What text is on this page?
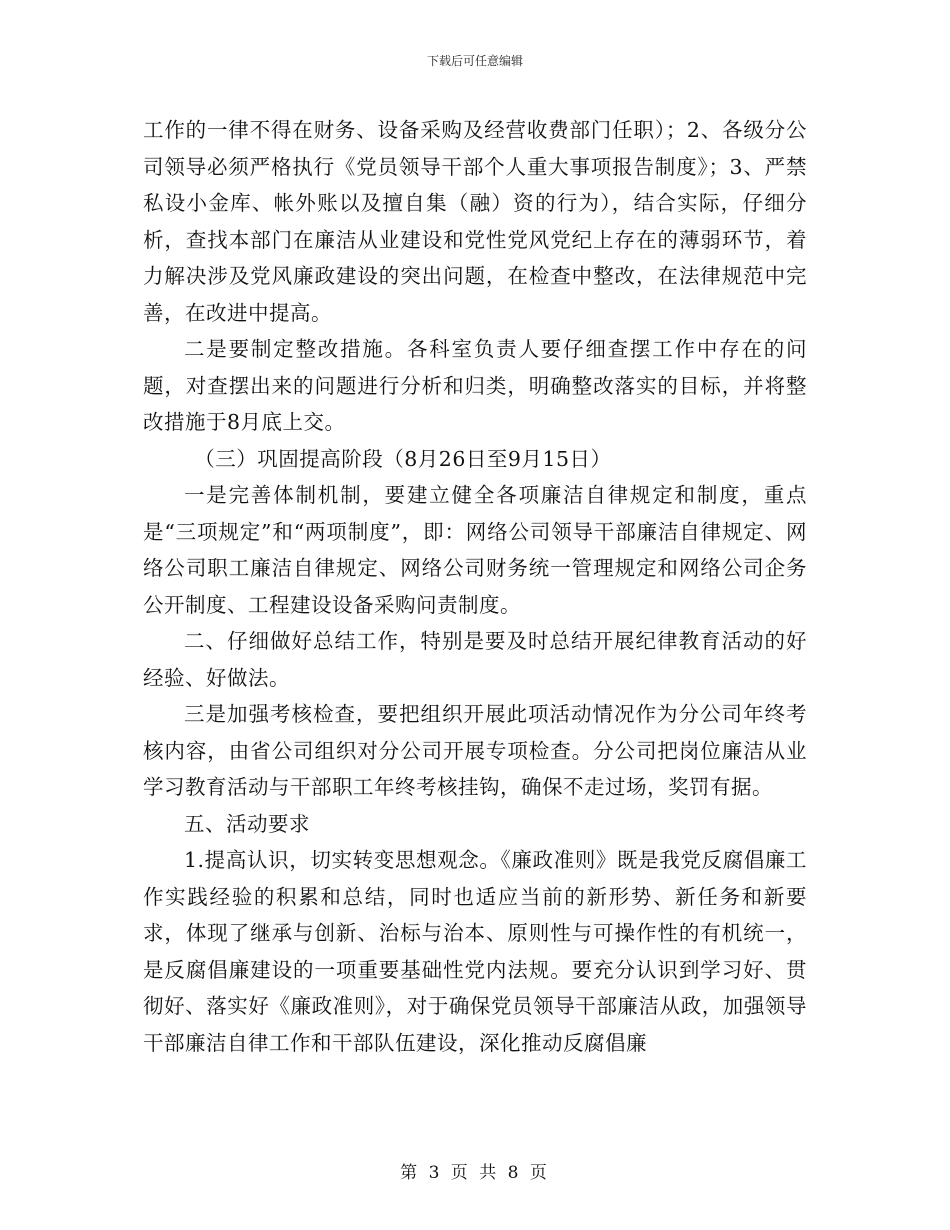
下载后可任意编辑

工作的一律不得在财务、设备采购及经营收费部门任职）；2、各级分公司领导必须严格执行《党员领导干部个人重大事项报告制度》；3、严禁私设小金库、帐外账以及擅自集（融）资的行为），结合实际，仔细分析，查找本部门在廉洁从业建设和党性党风党纪上存在的薄弱环节，着力解决涉及党风廉政建设的突出问题，在检查中整改，在法律规范中完善，在改进中提高。

二是要制定整改措施。各科室负责人要仔细查摆工作中存在的问题，对查摆出来的问题进行分析和归类，明确整改落实的目标，并将整改措施于8月底上交。

（三）巩固提高阶段（8月26日至9月15日）

一是完善体制机制，要建立健全各项廉洁自律规定和制度，重点是“三项规定”和“两项制度”，即：网络公司领导干部廉洁自律规定、网络公司职工廉洁自律规定、网络公司财务统一管理规定和网络公司企务公开制度、工程建设设备采购问责制度。

二、仔细做好总结工作，特别是要及时总结开展纪律教育活动的好经验、好做法。

三是加强考核检查，要把组织开展此项活动情况作为分公司年终考核内容，由省公司组织对分公司开展专项检查。分公司把岗位廉洁从业学习教育活动与干部职工年终考核挂钩，确保不走过场，奖罚有据。

五、活动要求

1.提高认识，切实转变思想观念。《廉政准则》既是我党反腐倡廉工作实践经验的积累和总结，同时也适应当前的新形势、新任务和新要求，体现了继承与创新、治标与治本、原则性与可操作性的有机统一，是反腐倡廉建设的一项重要基础性党内法规。要充分认识到学习好、贯彻好、落实好《廉政准则》，对于确保党员领导干部廉洁从政，加强领导干部廉洁自律工作和干部队伍建设，深化推动反腐倡廉

第 3 页 共 8 页
